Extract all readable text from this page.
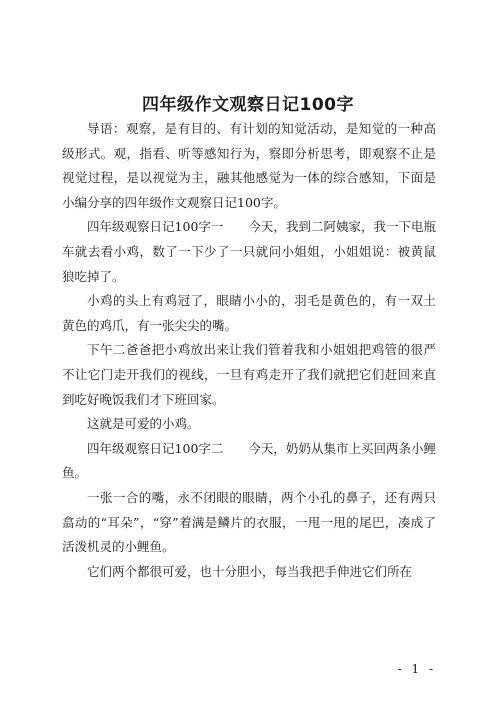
四年级作文观察日记100字

导语：观察，是有目的、有计划的知觉活动，是知觉的一种高级形式。观，指看、听等感知行为，察即分析思考，即观察不止是视觉过程，是以视觉为主，融其他感觉为一体的综合感知，下面是小编分享的四年级作文观察日记100字。

四年级观察日记100字一　　今天，我到二阿姨家，我一下电瓶车就去看小鸡，数了一下少了一只就问小姐姐，小姐姐说：被黄鼠狼吃掉了。

小鸡的头上有鸡冠了，眼睛小小的，羽毛是黄色的，有一双土黄色的鸡爪，有一张尖尖的嘴。

下午二爸爸把小鸡放出来让我们管着我和小姐姐把鸡管的很严不让它门走开我们的视线，一旦有鸡走开了我们就把它们赶回来直到吃好晚饭我们才下班回家。

这就是可爱的小鸡。

四年级观察日记100字二　　今天，奶奶从集市上买回两条小鲤鱼。

一张一合的嘴，永不闭眼的眼睛，两个小孔的鼻子，还有两只翕动的“耳朵”，“穿”着满是鳞片的衣服，一甩一甩的尾巴，凑成了活泼机灵的小鲤鱼。

它们两个都很可爱，也十分胆小，每当我把手伸进它们所在

- 1 -
